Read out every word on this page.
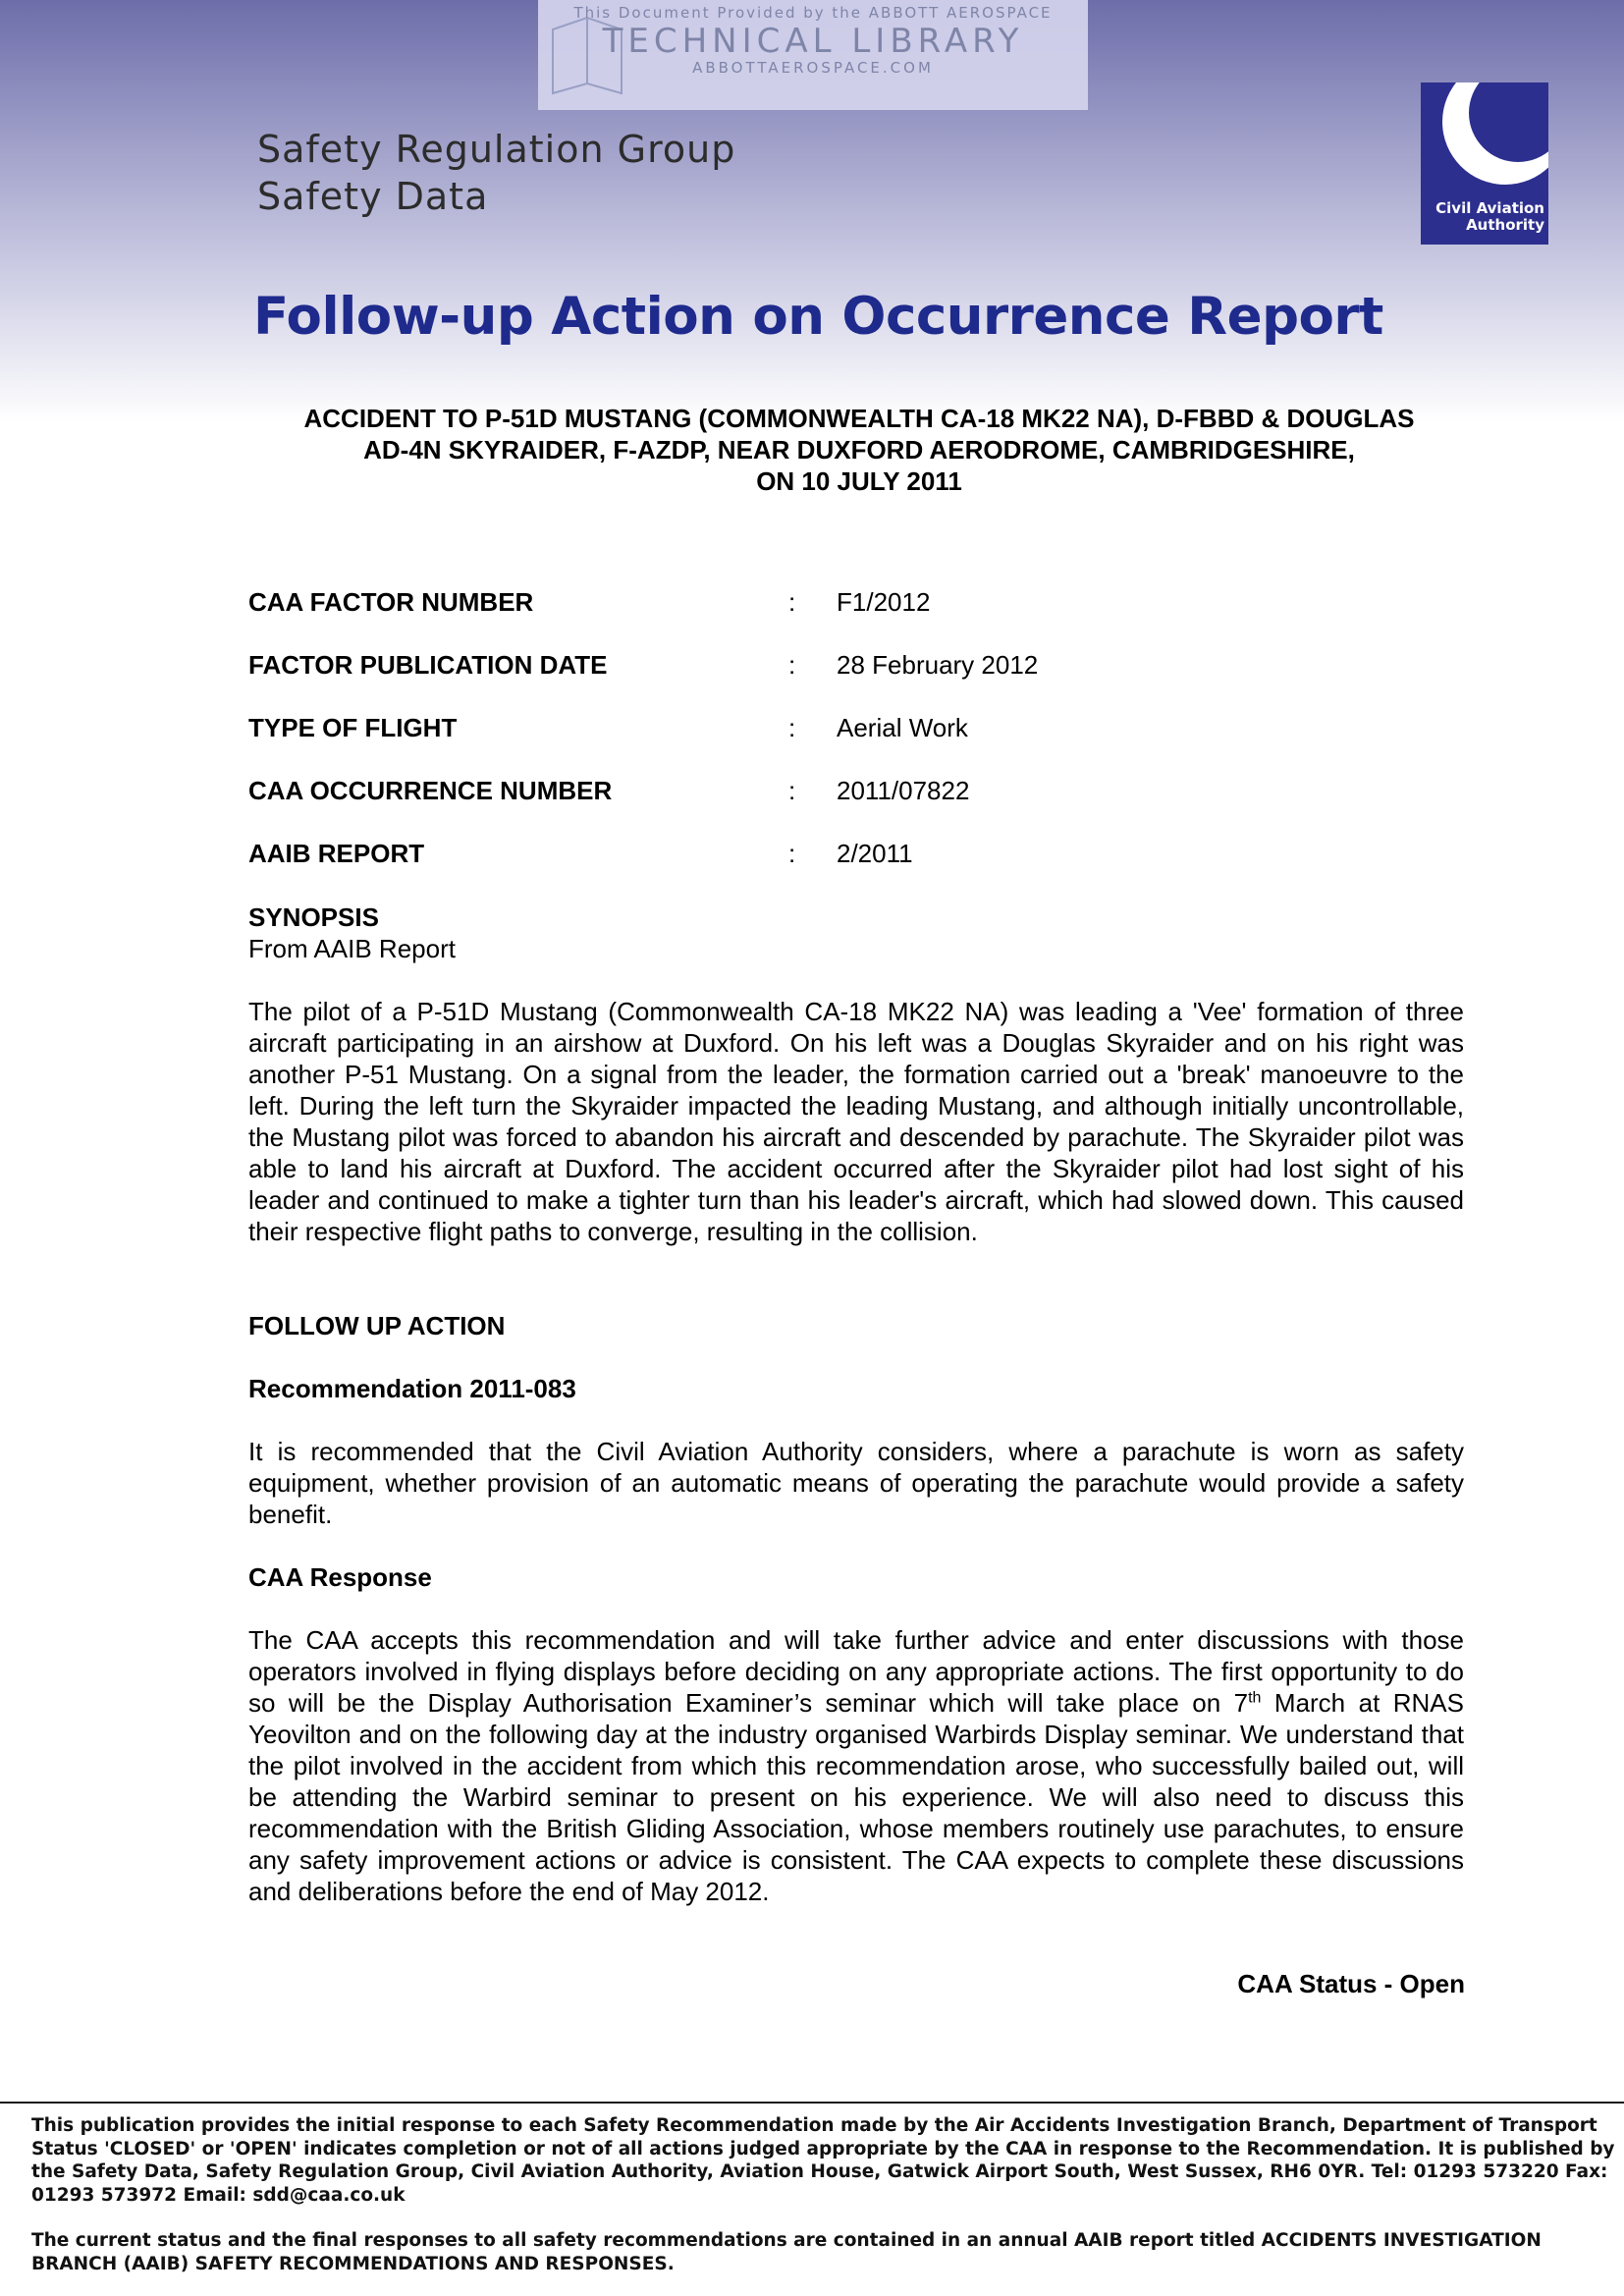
This Document Provided by the ABBOTT AEROSPACE
TECHNICAL LIBRARY
ABBOTTAEROSPACE.COM
Safety Regulation Group
Safety Data	Civil Aviation
Authority
Follow-up Action on Occurrence Report

ACCIDENT TO P-51D MUSTANG (COMMONWEALTH CA-18 MK22 NA), D-FBBD & DOUGLAS

AD-4N SKYRAIDER, F-AZDP, NEAR DUXFORD AERODROME, CAMBRIDGESHIRE,

ON 10 JULY 2011

CAA FACTOR NUMBER	: F1/2012
FACTOR PUBLICATION DATE	: 28 February 2012
TYPE OF FLIGHT	: Aerial Work
CAA OCCURRENCE NUMBER	: 2011/07822
AAIB REPORT	: 2/2011

SYNOPSIS

From AAIB Report

The pilot of a P-51D Mustang (Commonwealth CA-18 MK22 NA) was leading a 'Vee' formation of three aircraft participating in an airshow at Duxford. On his left was a Douglas Skyraider and on his right was another P-51 Mustang. On a signal from the leader, the formation carried out a 'break' manoeuvre to the left. During the left turn the Skyraider impacted the leading Mustang, and although initially uncontrollable, the Mustang pilot was forced to abandon his aircraft and descended by parachute. The Skyraider pilot was able to land his aircraft at Duxford. The accident occurred after the Skyraider pilot had lost sight of his leader and continued to make a tighter turn than his leader's aircraft, which had slowed down. This caused their respective flight paths to converge, resulting in the collision.

FOLLOW UP ACTION

Recommendation 2011-083

It is recommended that the Civil Aviation Authority considers, where a parachute is worn as safety equipment, whether provision of an automatic means of operating the parachute would provide a safety benefit.

CAA Response

The CAA accepts this recommendation and will take further advice and enter discussions with those operators involved in flying displays before deciding on any appropriate actions. The first opportunity to do so will be the Display Authorisation Examiner’s seminar which will take place on 7th March at RNAS Yeovilton and on the following day at the industry organised Warbirds Display seminar. We understand that the pilot involved in the accident from which this recommendation arose, who successfully bailed out, will be attending the Warbird seminar to present on his experience. We will also need to discuss this recommendation with the British Gliding Association, whose members routinely use parachutes, to ensure any safety improvement actions or advice is consistent. The CAA expects to complete these discussions and deliberations before the end of May 2012.

CAA Status - Open

This publication provides the initial response to each Safety Recommendation made by the Air Accidents Investigation Branch, Department of Transport Status 'CLOSED' or 'OPEN' indicates completion or not of all actions judged appropriate by the CAA in response to the Recommendation. It is published by the Safety Data, Safety Regulation Group, Civil Aviation Authority, Aviation House, Gatwick Airport South, West Sussex, RH6 0YR. Tel: 01293 573220 Fax: 01293 573972 Email: sdd@caa.co.uk

The current status and the final responses to all safety recommendations are contained in an annual AAIB report titled ACCIDENTS INVESTIGATION BRANCH (AAIB) SAFETY RECOMMENDATIONS AND RESPONSES.
